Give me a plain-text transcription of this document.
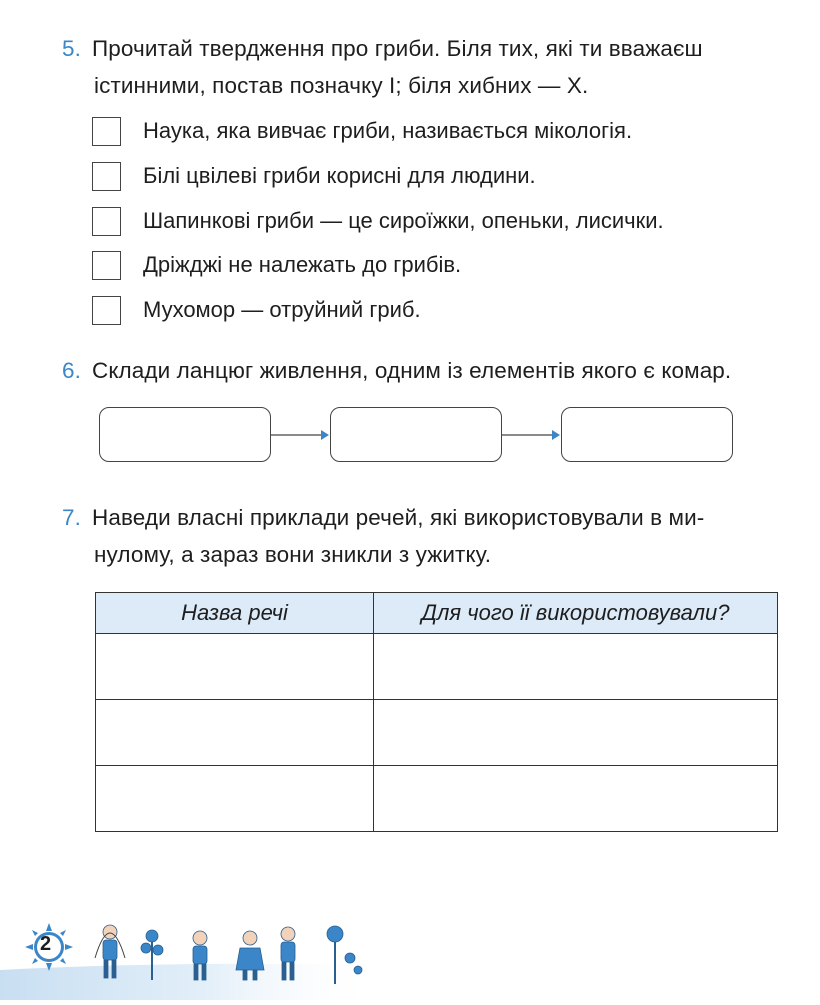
5. Прочитай твердження про гриби. Біля тих, які ти вважаєш
істинними, постав позначку І; біля хибних — Х.
Наука, яка вивчає гриби, називається мікологія.
Білі цвілеві гриби корисні для людини.
Шапинкові гриби — це сироїжки, опеньки, лисички.
Дріжджі не належать до грибів.
Мухомор — отруйний гриб.
6. Склади ланцюг живлення, одним із елементів якого є комар.
7. Наведи власні приклади речей, які використовували в ми-
нулому, а зараз вони зникли з ужитку.
Назва речі	Для чого її використовували?

2
